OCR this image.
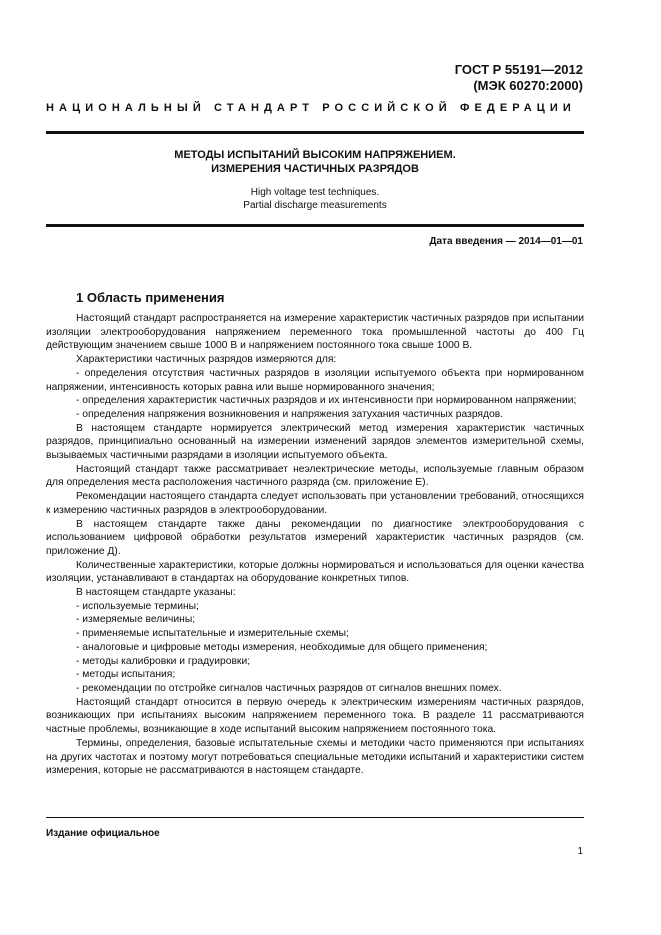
ГОСТ Р 55191—2012
(МЭК 60270:2000)
НАЦИОНАЛЬНЫЙ СТАНДАРТ РОССИЙСКОЙ ФЕДЕРАЦИИ
МЕТОДЫ ИСПЫТАНИЙ ВЫСОКИМ НАПРЯЖЕНИЕМ.
ИЗМЕРЕНИЯ ЧАСТИЧНЫХ РАЗРЯДОВ
High voltage test techniques.
Partial discharge measurements
Дата введения — 2014—01—01
1 Область применения

Настоящий стандарт распространяется на измерение характеристик частичных разрядов при испытании изоляции электрооборудования напряжением переменного тока промышленной частоты до 400 Гц действующим значением свыше 1000 В и напряжением постоянного тока свыше 1000 В.

Характеристики частичных разрядов измеряются для:

- определения отсутствия частичных разрядов в изоляции испытуемого объекта при нормированном напряжении, интенсивность которых равна или выше нормированного значения;

- определения характеристик частичных разрядов и их интенсивности при нормированном напряжении;

- определения напряжения возникновения и напряжения затухания частичных разрядов.

В настоящем стандарте нормируется электрический метод измерения характеристик частичных разрядов, принципиально основанный на измерении изменений зарядов элементов измерительной схемы, вызываемых частичными разрядами в изоляции испытуемого объекта.

Настоящий стандарт также рассматривает неэлектрические методы, используемые главным образом для определения места расположения частичного разряда (см. приложение Е).

Рекомендации настоящего стандарта следует использовать при установлении требований, относящихся к измерению частичных разрядов в электрооборудовании.

В настоящем стандарте также даны рекомендации по диагностике электрооборудования с использованием цифровой обработки результатов измерений характеристик частичных разрядов (см. приложение Д).

Количественные характеристики, которые должны нормироваться и использоваться для оценки качества изоляции, устанавливают в стандартах на оборудование конкретных типов.

В настоящем стандарте указаны:

- используемые термины;

- измеряемые величины;

- применяемые испытательные и измерительные схемы;

- аналоговые и цифровые методы измерения, необходимые для общего применения;

- методы калибровки и градуировки;

- методы испытания;

- рекомендации по отстройке сигналов частичных разрядов от сигналов внешних помех.

Настоящий стандарт относится в первую очередь к электрическим измерениям частичных разрядов, возникающих при испытаниях высоким напряжением переменного тока. В разделе 11 рассматриваются частные проблемы, возникающие в ходе испытаний высоким напряжением постоянного тока.

Термины, определения, базовые испытательные схемы и методики часто применяются при испытаниях на других частотах и поэтому могут потребоваться специальные методики испытаний и характеристики систем измерения, которые не рассматриваются в настоящем стандарте.

Издание официальное
1
